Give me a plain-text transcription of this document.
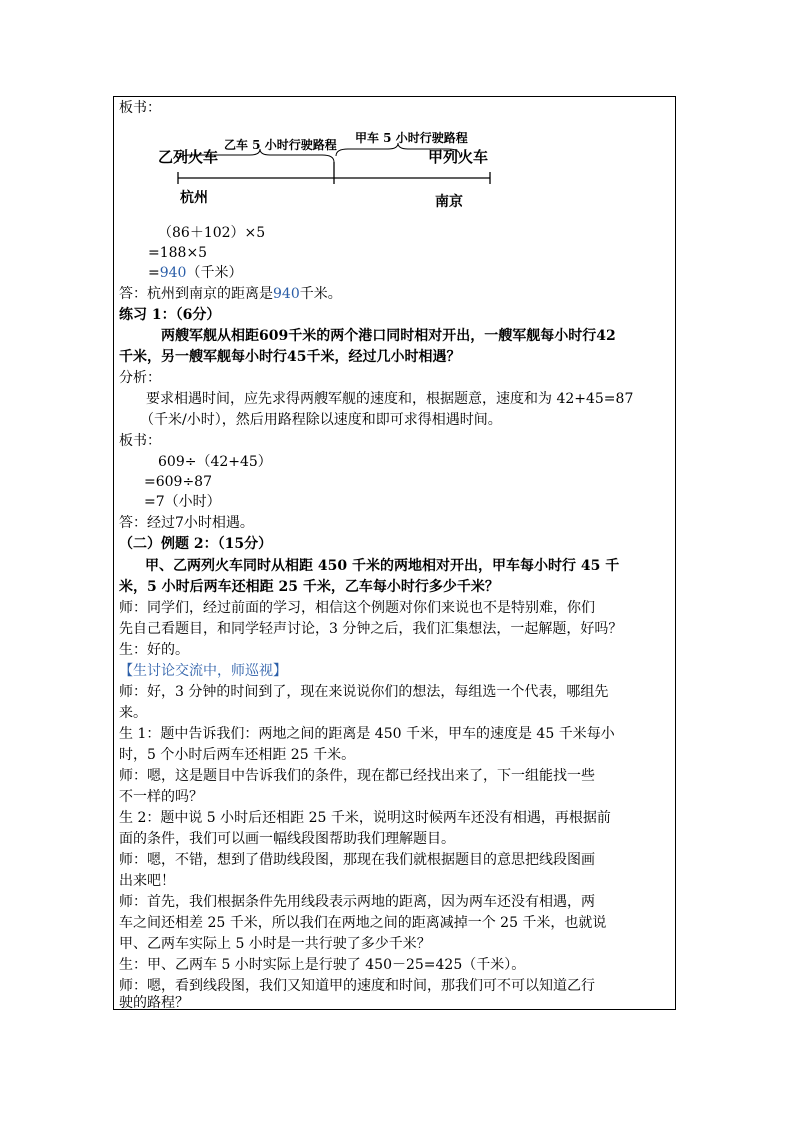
板书：
乙车 5 小时行驶路程 甲车 5 小时行驶路程
乙列火车	甲列火车
杭州	南京
（86＋102）×5
=188×5
=940（千米）
答：杭州到南京的距离是940千米。
练习 1：（6分）
两艘军舰从相距609千米的两个港口同时相对开出，一艘军舰每小时行42
千米，另一艘军舰每小时行45千米，经过几小时相遇？
分析：
要求相遇时间，应先求得两艘军舰的速度和，根据题意，速度和为 42+45=87
（千米/小时），然后用路程除以速度和即可求得相遇时间。
板书：
609÷（42+45）
=609÷87
=7（小时）
答：经过7小时相遇。
（二）例题 2：（15分）
甲、乙两列火车同时从相距 450 千米的两地相对开出，甲车每小时行 45 千
米，5 小时后两车还相距 25 千米，乙车每小时行多少千米？
师：同学们，经过前面的学习，相信这个例题对你们来说也不是特别难，你们
先自己看题目，和同学轻声讨论，3 分钟之后，我们汇集想法，一起解题，好吗？
生：好的。
【生讨论交流中，师巡视】
师：好，3 分钟的时间到了，现在来说说你们的想法，每组选一个代表，哪组先
来。
生 1：题中告诉我们：两地之间的距离是 450 千米，甲车的速度是 45 千米每小
时，5 个小时后两车还相距 25 千米。
师：嗯，这是题目中告诉我们的条件，现在都已经找出来了，下一组能找一些
不一样的吗？
生 2：题中说 5 小时后还相距 25 千米，说明这时候两车还没有相遇，再根据前
面的条件，我们可以画一幅线段图帮助我们理解题目。
师：嗯，不错，想到了借助线段图，那现在我们就根据题目的意思把线段图画
出来吧！
师：首先，我们根据条件先用线段表示两地的距离，因为两车还没有相遇，两
车之间还相差 25 千米，所以我们在两地之间的距离减掉一个 25 千米，也就说
甲、乙两车实际上 5 小时是一共行驶了多少千米？
生：甲、乙两车 5 小时实际上是行驶了 450－25=425（千米）。
师：嗯，看到线段图，我们又知道甲的速度和时间，那我们可不可以知道乙行
驶的路程？
